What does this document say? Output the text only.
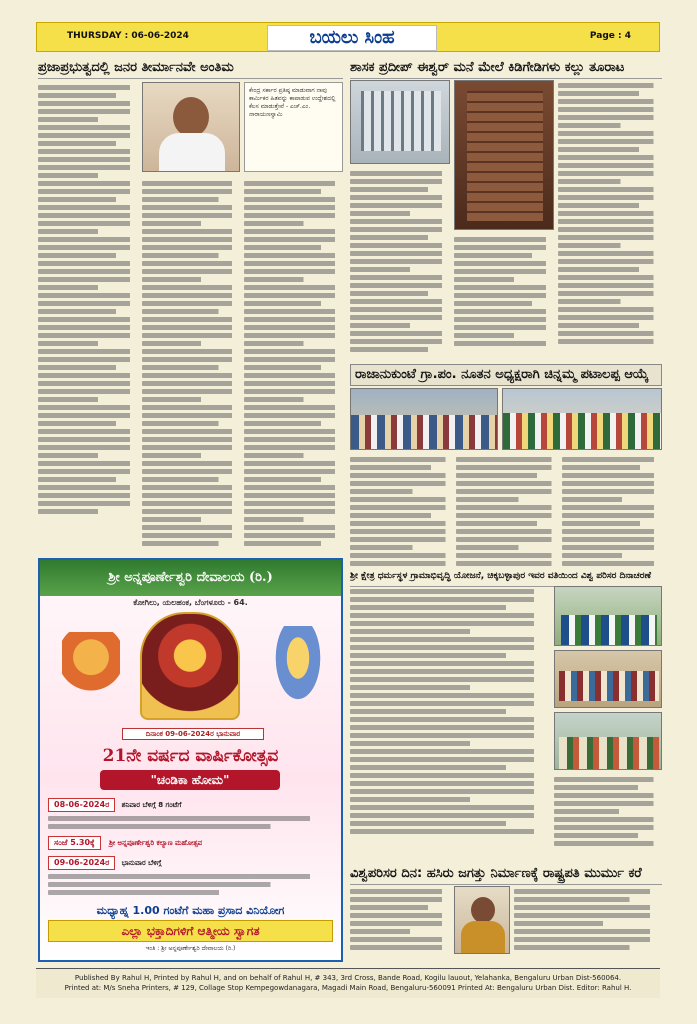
THURSDAY : 06-06-2024	ಬಯಲು ಸಿಂಹ	Page : 4
ಪ್ರಜಾಪ್ರಭುತ್ವದಲ್ಲಿ ಜನರ ತೀರ್ಮಾನವೇ ಅಂತಿಮ
ಕೇಂದ್ರ ಸರ್ಕಾರ ಪ್ರತಿಷ್ಠ ಮಾಡುವಾಗ ನಾವು ಕಾರ್ಮಿಕರ ಹಿತವನ್ನು ಕಾಪಾಡುವ ಉದ್ದೇಶದಲ್ಲಿ ಕೆಲಸ ಮಾಡುತ್ತೇವೆ - ಎಚ್.ಎಂ. ನಾರಾಯಣಸ್ವಾಮಿ
ಶ್ರೀ ಅನ್ನಪೂರ್ಣೇಶ್ವರಿ ದೇವಾಲಯ (ರಿ.)
ಕೋಗಿಲು, ಯಲಹಂಕ, ಬೆಂಗಳೂರು - 64.
ದಿನಾಂಕ 09-06-2024ರ ಭಾನುವಾರ
21ನೇ ವರ್ಷದ ವಾರ್ಷಿಕೋತ್ಸವ
"ಚಂಡಿಕಾ ಹೋಮ"
08-06-2024ರ ಶನಿವಾರ ಬೆಳಿಗ್ಗೆ 8 ಗಂಟೆಗೆ
ಸಂಜೆ 5.30ಕ್ಕೆ ಶ್ರೀ ಅನ್ನಪೂರ್ಣೇಶ್ವರಿ ಕಲ್ಯಾಣ ಮಹೋತ್ಸವ
09-06-2024ರ ಭಾನುವಾರ ಬೆಳಿಗ್ಗೆ
ಮಧ್ಯಾಹ್ನ 1.00 ಗಂಟೆಗೆ ಮಹಾ ಪ್ರಸಾದ ವಿನಿಯೋಗ
ಎಲ್ಲಾ ಭಕ್ತಾದಿಗಳಿಗೆ ಆತ್ಮೀಯ ಸ್ವಾಗತ
ಇಂತಿ : ಶ್ರೀ ಅನ್ನಪೂರ್ಣೇಶ್ವರಿ ದೇವಾಲಯ (ರಿ.)
ಶಾಸಕ ಪ್ರದೀಪ್ ಈಶ್ವರ್ ಮನೆ ಮೇಲೆ ಕಿಡಿಗೇಡಿಗಳು ಕಲ್ಲು ತೂರಾಟ
ರಾಜಾನುಕುಂಟೆ ಗ್ರಾ.ಪಂ. ನೂತನ ಅಧ್ಯಕ್ಷರಾಗಿ ಚಿನ್ನಮ್ಮ ಪಟಾಲಪ್ಪ ಆಯ್ಕೆ
ಶ್ರೀ ಕ್ಷೇತ್ರ ಧರ್ಮಸ್ಥಳ ಗ್ರಾಮಾಭಿವೃದ್ಧಿ ಯೋಜನೆ, ಚಿಕ್ಕಬಳ್ಳಾಪುರ ಇವರ ವತಿಯಿಂದ ವಿಶ್ವ ಪರಿಸರ ದಿನಾಚರಣೆ
ವಿಶ್ವಪರಿಸರ ದಿನ: ಹಸಿರು ಜಗತ್ತು ನಿರ್ಮಾಣಕ್ಕೆ ರಾಷ್ಟ್ರಪತಿ ಮುರ್ಮು ಕರೆ
Published By Rahul H, Printed by Rahul H, and on behalf of Rahul H, # 343, 3rd Cross, Bande Road, Kogilu lauout, Yelahanka, Bengaluru Urban Dist-560064.
Printed at: M/s Sneha Printers, # 129, Collage Stop Kempegowdanagara, Magadi Main Road, Bengaluru-560091 Printed At: Bengaluru Urban Dist. Editor: Rahul H.
